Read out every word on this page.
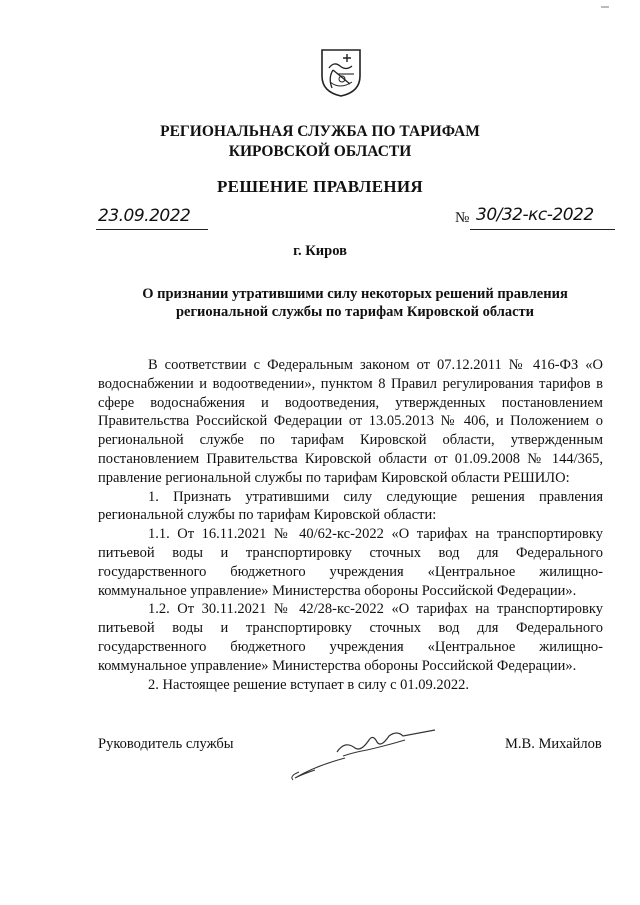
РЕГИОНАЛЬНАЯ СЛУЖБА ПО ТАРИФАМ
КИРОВСКОЙ ОБЛАСТИ
РЕШЕНИЕ ПРАВЛЕНИЯ
23.09.2022	№ 30/32-кс-2022
г. Киров
О признании утратившими силу некоторых решений правления
региональной службы по тарифам Кировской области

В соответствии с Федеральным законом от 07.12.2011 № 416-ФЗ «О водоснабжении и водоотведении», пунктом 8 Правил регулирования тарифов в сфере водоснабжения и водоотведения, утвержденных постановлением Правительства Российской Федерации от 13.05.2013 № 406, и Положением о региональной службе по тарифам Кировской области, утвержденным постановлением Правительства Кировской области от 01.09.2008 № 144/365, правление региональной службы по тарифам Кировской области РЕШИЛО:

1. Признать утратившими силу следующие решения правления региональной службы по тарифам Кировской области:

1.1. От 16.11.2021 № 40/62-кс-2022 «О тарифах на транспортировку питьевой воды и транспортировку сточных вод для Федерального государственного бюджетного учреждения «Центральное жилищно-коммунальное управление» Министерства обороны Российской Федерации».

1.2. От 30.11.2021 № 42/28-кс-2022 «О тарифах на транспортировку питьевой воды и транспортировку сточных вод для Федерального государственного бюджетного учреждения «Центральное жилищно-коммунальное управление» Министерства обороны Российской Федерации».

2. Настоящее решение вступает в силу с 01.09.2022.

Руководитель службы	М.В. Михайлов
